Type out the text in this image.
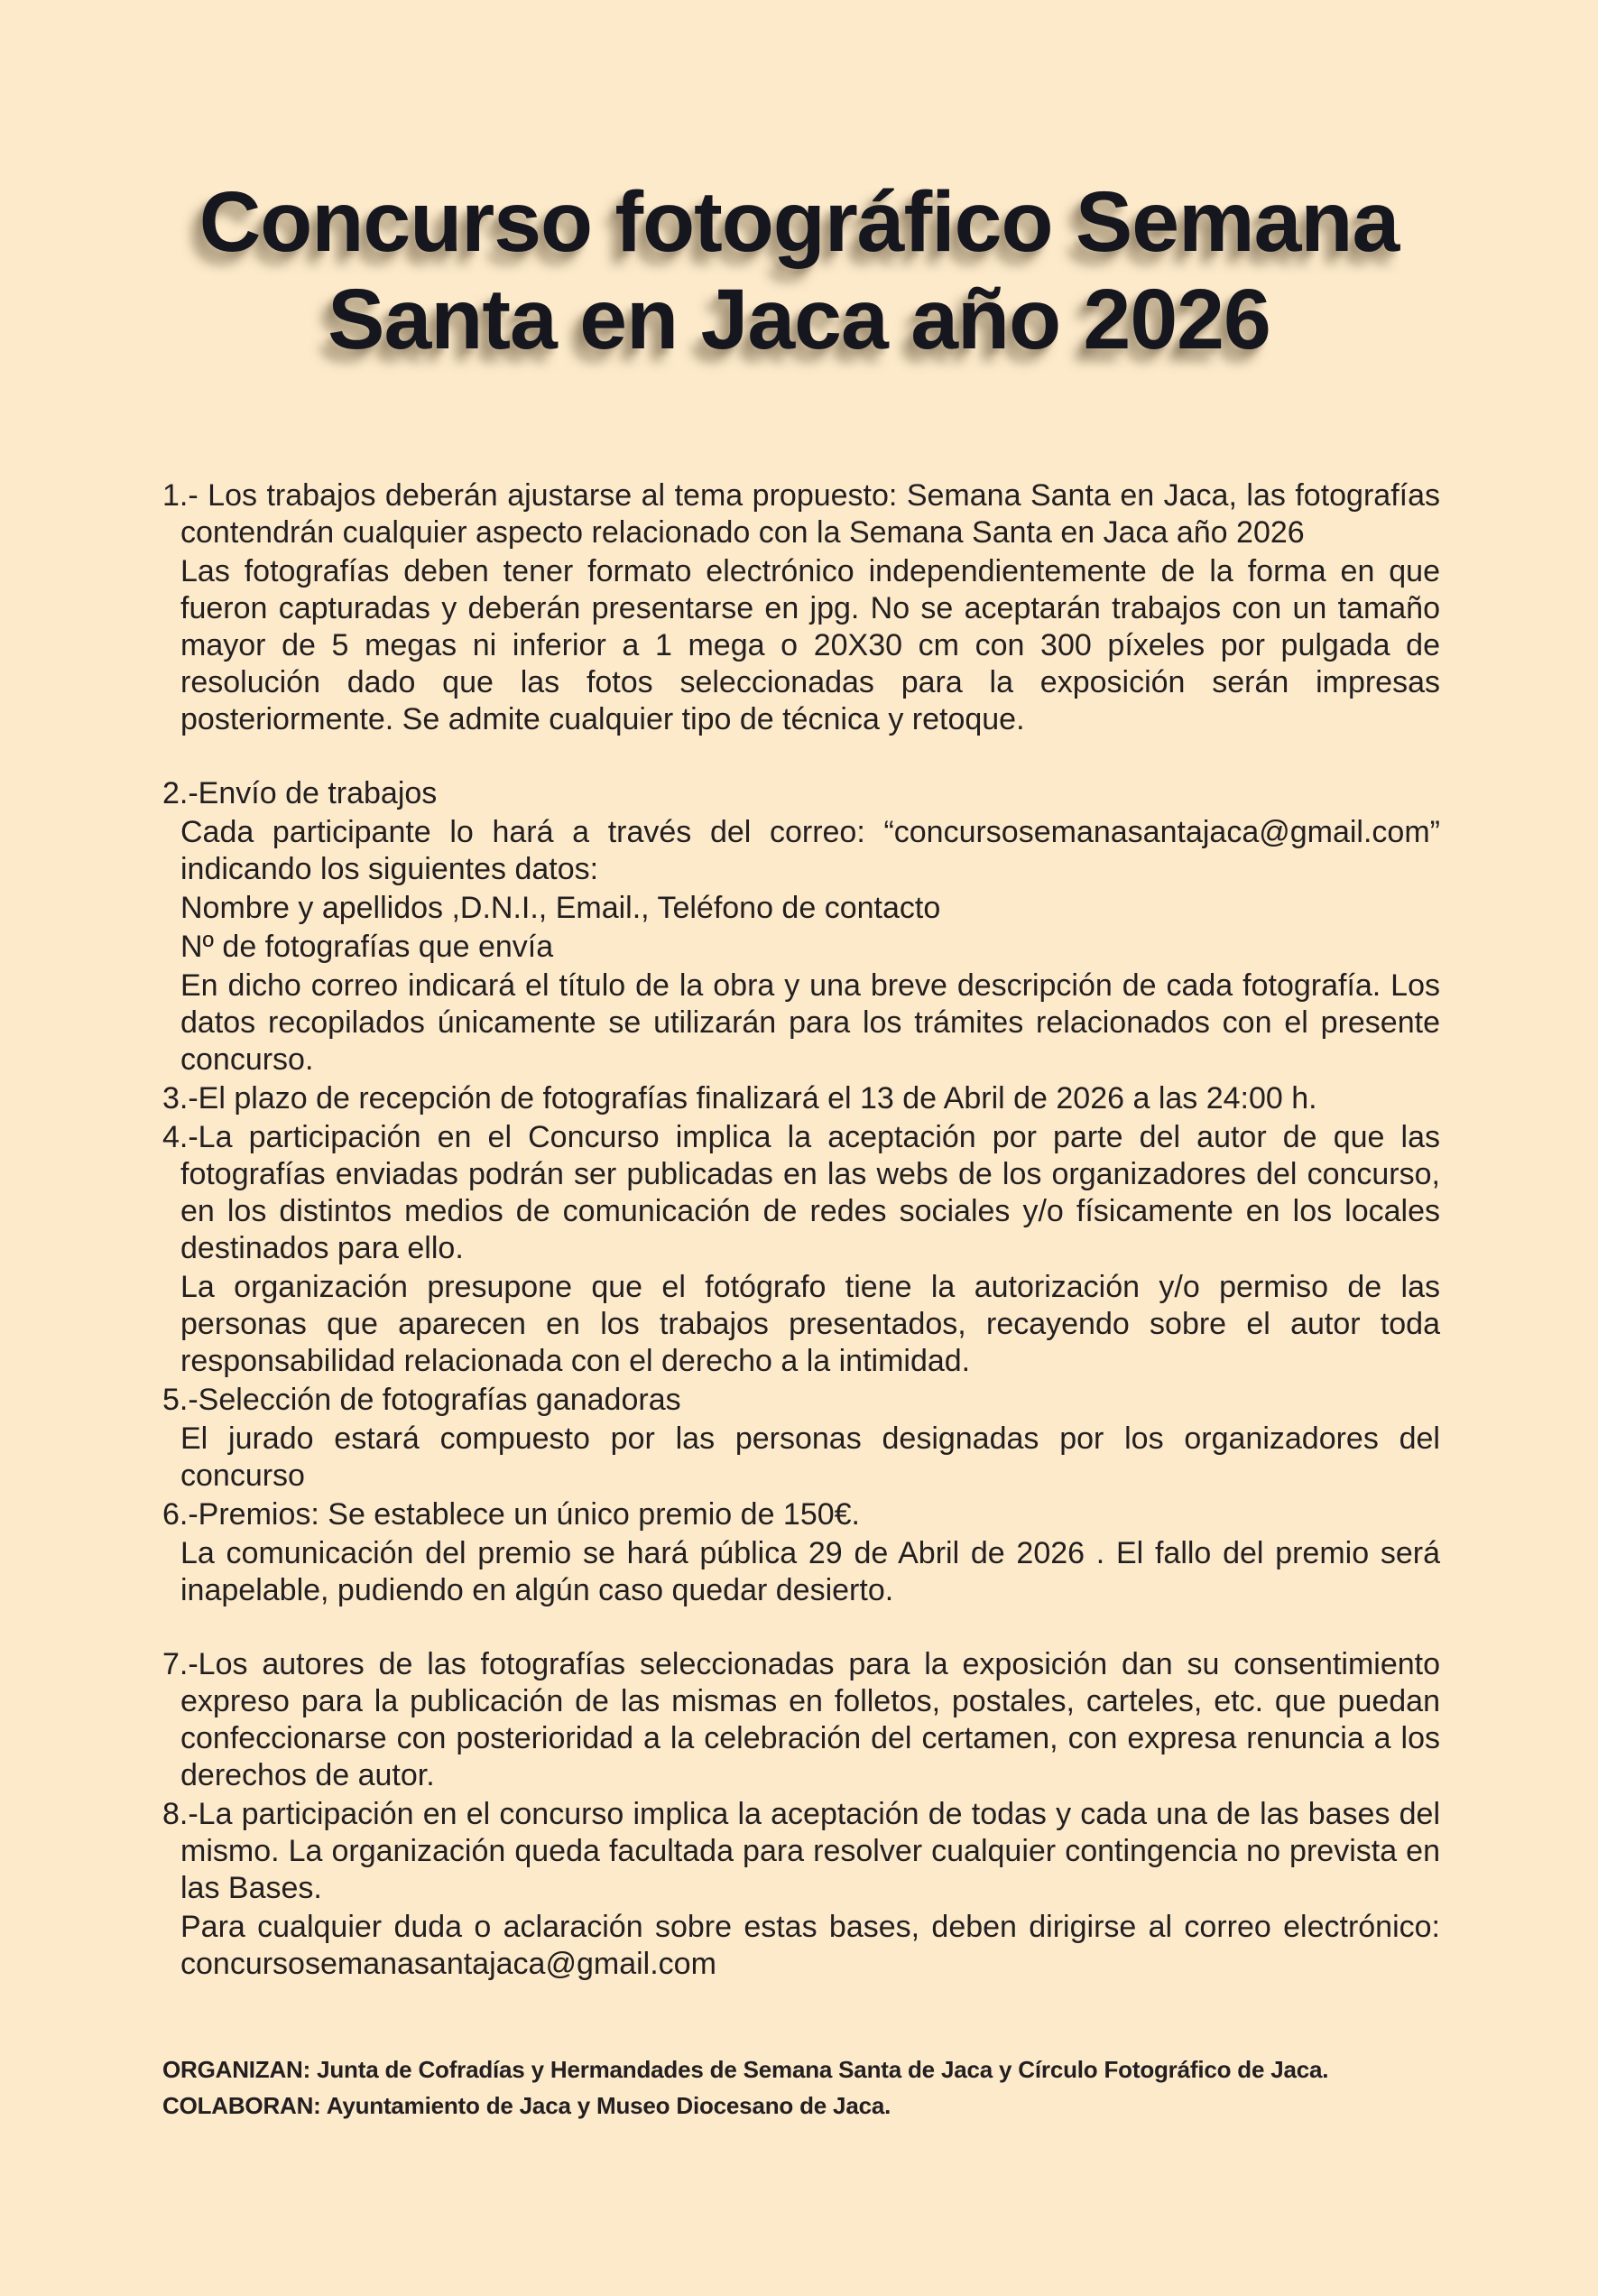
Concurso fotográfico Semana
Santa en Jaca año 2026

1.- Los trabajos deberán ajustarse al tema propuesto: Semana Santa en Jaca, las fotografías contendrán cualquier aspecto relacionado con la Semana Santa en Jaca año 2026

Las fotografías deben tener formato electrónico independientemente de la forma en que fueron capturadas y deberán presentarse en jpg. No se aceptarán trabajos con un tamaño mayor de 5 megas ni inferior a 1 mega o 20X30 cm con 300 píxeles por pulgada de resolución dado que las fotos seleccionadas para la exposición serán impresas posteriormente. Se admite cualquier tipo de técnica y retoque.

2.-Envío de trabajos

Cada participante lo hará a través del correo: “concursosemanasantajaca@gmail.com” indicando los siguientes datos:

Nombre y apellidos ,D.N.I., Email., Teléfono de contacto

Nº de fotografías que envía

En dicho correo indicará el título de la obra y una breve descripción de cada fotografía. Los datos recopilados únicamente se utilizarán para los trámites relacionados con el presente concurso.

3.-El plazo de recepción de fotografías finalizará el 13 de Abril de 2026 a las 24:00 h.

4.-La participación en el Concurso implica la aceptación por parte del autor de que las fotografías enviadas podrán ser publicadas en las webs de los organizadores del concurso, en los distintos medios de comunicación de redes sociales y/o físicamente en los locales destinados para ello.

La organización presupone que el fotógrafo tiene la autorización y/o permiso de las personas que aparecen en los trabajos presentados, recayendo sobre el autor toda responsabilidad relacionada con el derecho a la intimidad.

5.-Selección de fotografías ganadoras

El jurado estará compuesto por las personas designadas por los organizadores del concurso

6.-Premios: Se establece un único premio de 150€.

La comunicación del premio se hará pública 29 de Abril de 2026 . El fallo del premio será inapelable, pudiendo en algún caso quedar desierto.

7.-Los autores de las fotografías seleccionadas para la exposición dan su consentimiento expreso para la publicación de las mismas en folletos, postales, carteles, etc. que puedan confeccionarse con posterioridad a la celebración del certamen, con expresa renuncia a los derechos de autor.

8.-La participación en el concurso implica la aceptación de todas y cada una de las bases del mismo. La organización queda facultada para resolver cualquier contingencia no prevista en las Bases.

Para cualquier duda o aclaración sobre estas bases, deben dirigirse al correo electrónico: concursosemanasantajaca@gmail.com

ORGANIZAN: Junta de Cofradías y Hermandades de Semana Santa de Jaca y Círculo Fotográfico de Jaca.

COLABORAN: Ayuntamiento de Jaca y Museo Diocesano de Jaca.
